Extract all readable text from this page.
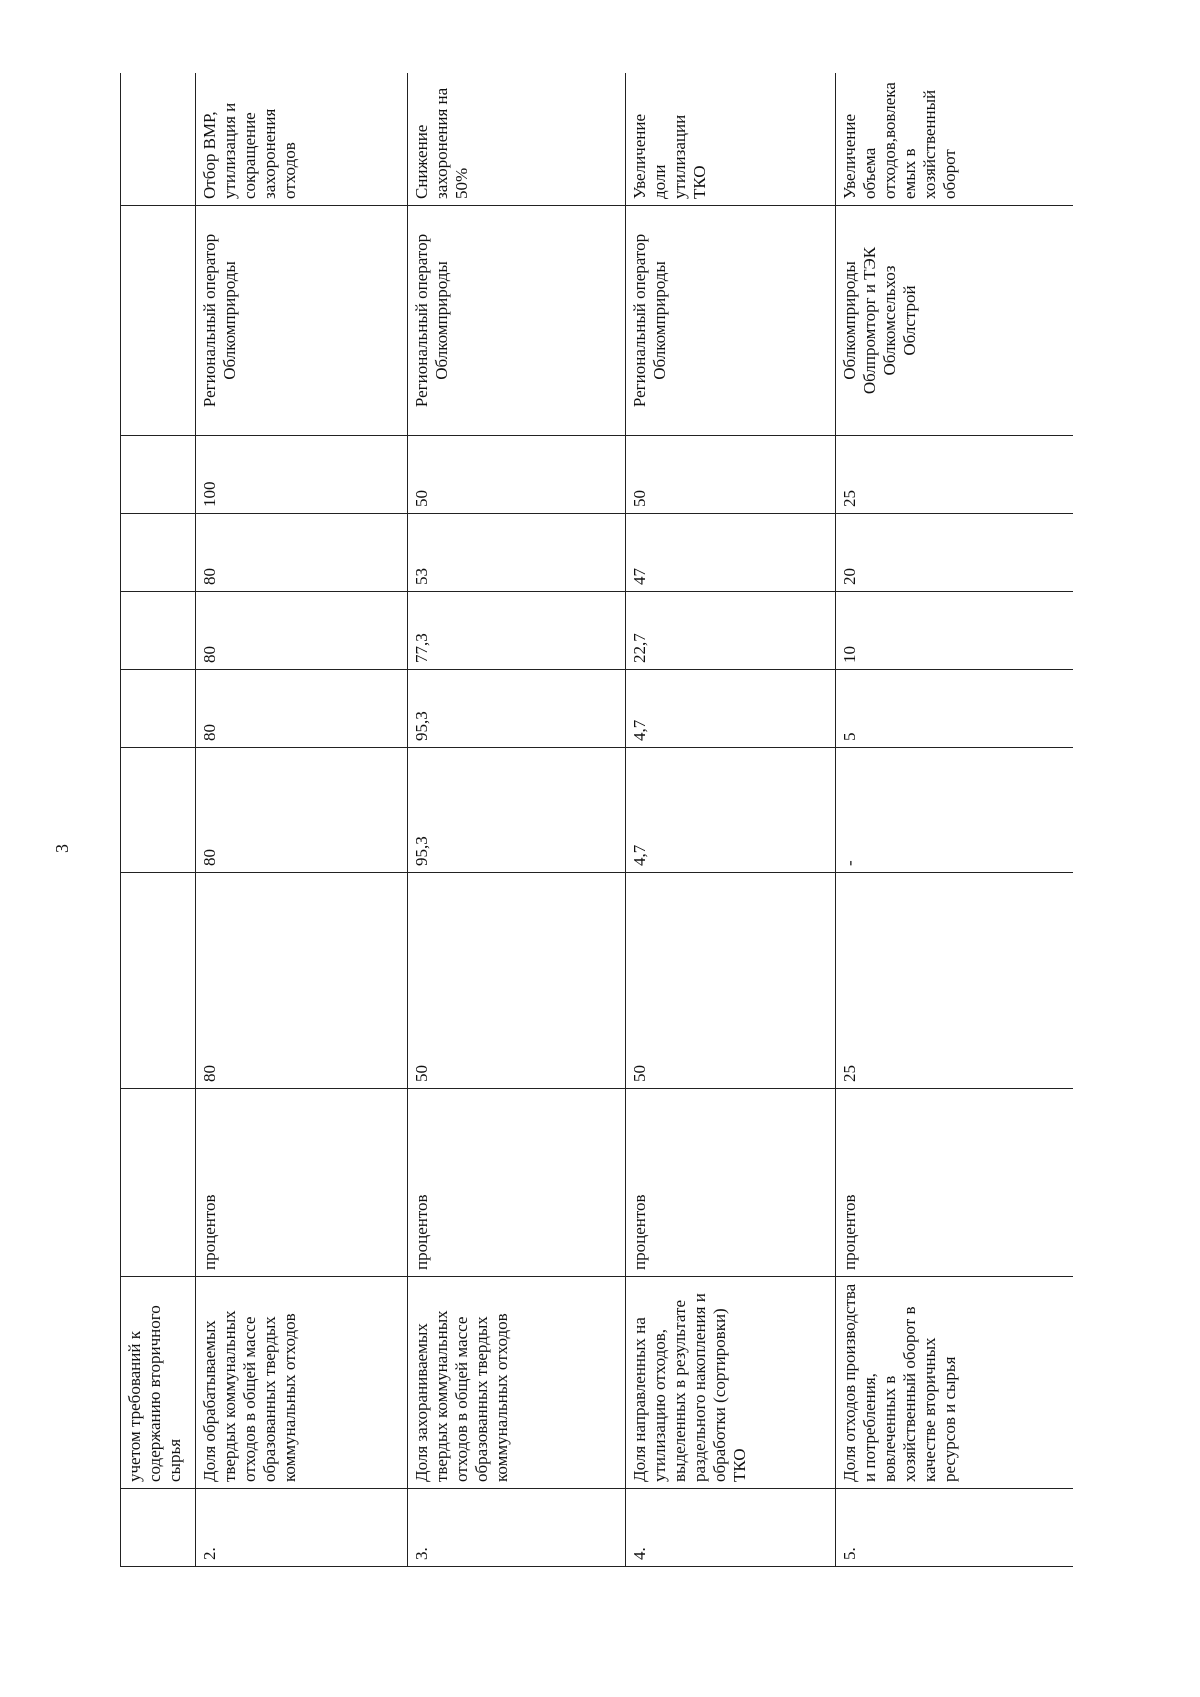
3
	учетом требований к содержанию вторичного сырья									
2.	Доля обрабатываемых твердых коммунальных отходов в общей массе образованных твердых коммунальных отходов	процентов	80	80	80	80	80	100	Региональный оператор Облкомприроды	Отбор ВМР, утилизация и сокращение захоронения отходов
3.	Доля захораниваемых твердых коммунальных отходов в общей массе образованных твердых коммунальных отходов	процентов	50	95,3	95,3	77,3	53	50	Региональный оператор Облкомприроды	Снижение захоронения на 50%
4.	Доля направленных на утилизацию отходов, выделенных в результате раздельного накопления и обработки (сортировки) ТКО	процентов	50	4,7	4,7	22,7	47	50	Региональный оператор Облкомприроды	Увеличение доли утилизации ТКО
5.	Доля отходов производства и потребления, вовлеченных в хозяйственный оборот в качестве вторичных ресурсов и сырья	процентов	25	-	5	10	20	25	Облкомприроды Облпромторг и ТЭК Облкомсельхоз Облстрой	Увеличение объема отходов,вовлекаемых в хозяйственный оборот
